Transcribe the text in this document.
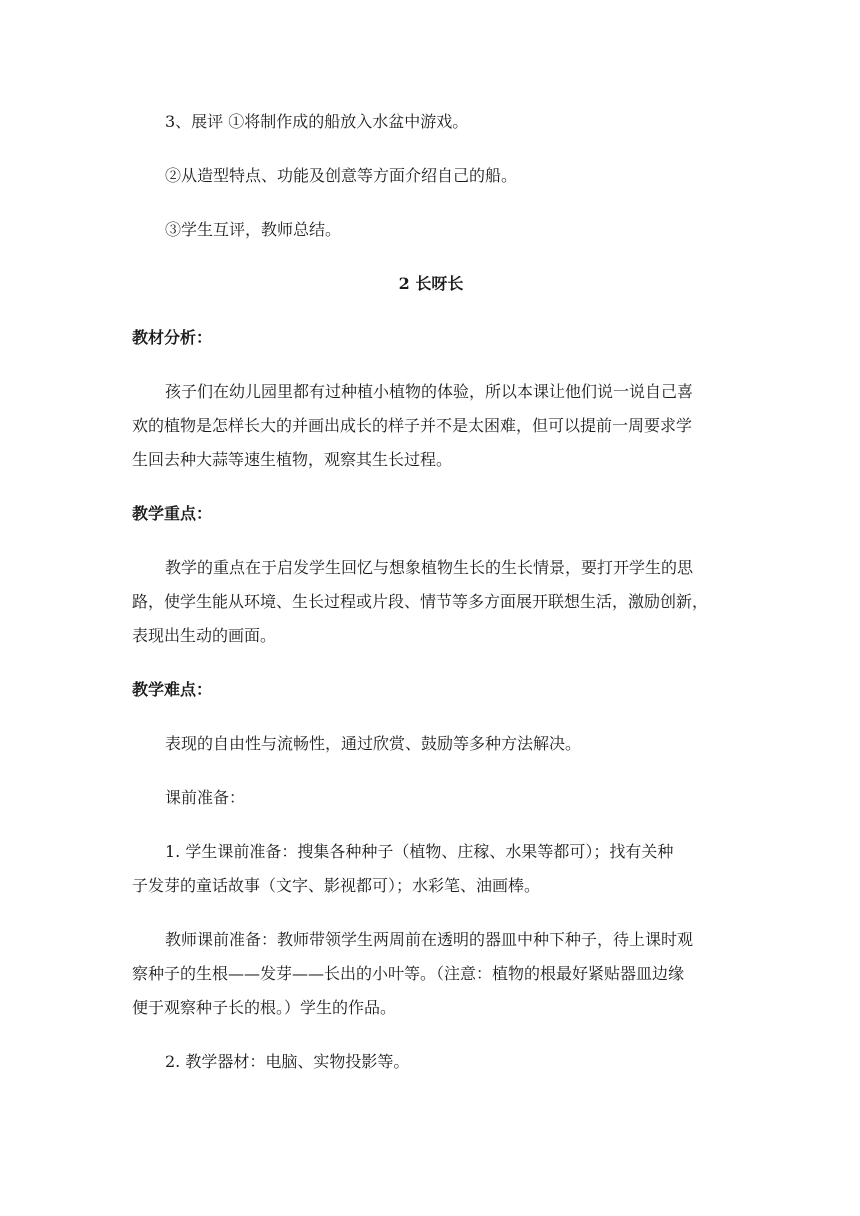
3、展评 ①将制作成的船放入水盆中游戏。
②从造型特点、功能及创意等方面介绍自己的船。
③学生互评，教师总结。
2 长呀长
教材分析：
孩子们在幼儿园里都有过种植小植物的体验，所以本课让他们说一说自己喜
欢的植物是怎样长大的并画出成长的样子并不是太困难，但可以提前一周要求学
生回去种大蒜等速生植物，观察其生长过程。
教学重点：
教学的重点在于启发学生回忆与想象植物生长的生长情景，要打开学生的思
路，使学生能从环境、生长过程或片段、情节等多方面展开联想生活，激励创新，
表现出生动的画面。
教学难点：
表现的自由性与流畅性，通过欣赏、鼓励等多种方法解决。
课前准备：
1. 学生课前准备：搜集各种种子（植物、庄稼、水果等都可）；找有关种
子发芽的童话故事（文字、影视都可）；水彩笔、油画棒。
教师课前准备：教师带领学生两周前在透明的器皿中种下种子，待上课时观
察种子的生根——发芽——长出的小叶等。（注意：植物的根最好紧贴器皿边缘
便于观察种子长的根。）学生的作品。
2. 教学器材：电脑、实物投影等。
